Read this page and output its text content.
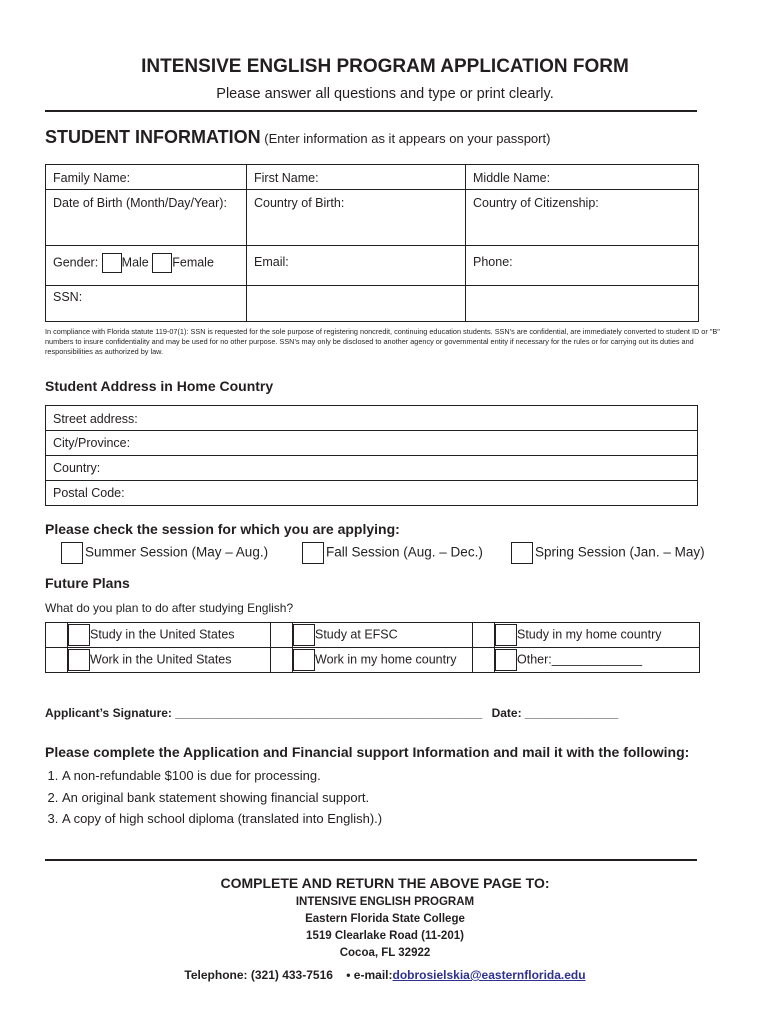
INTENSIVE ENGLISH PROGRAM APPLICATION FORM
Please answer all questions and type or print clearly.
STUDENT INFORMATION (Enter information as it appears on your passport)
Family Name:	First Name:	Middle Name:
Date of Birth (Month/Day/Year):	Country of Birth:	Country of Citizenship:
Gender: Male Female	Email:	Phone:
SSN:		
In compliance with Florida statute 119-07(1): SSN is requested for the sole purpose of registering noncredit, continuing education students. SSN's are confidential, are immediately converted to student ID or "B" numbers to insure confidentiality and may be used for no other purpose. SSN's may only be disclosed to another agency or governmental entity if necessary for the rules or for carrying out its duties and responsibilities as authorized by law.
Student Address in Home Country
Street address:
City/Province:
Country:
Postal Code:
Please check the session for which you are applying:
Summer Session (May – Aug.)	Fall Session (Aug. – Dec.)	Spring Session (Jan. – May)
Future Plans
What do you plan to do after studying English?
	Study in the United States		Study at EFSC		Study in my home country
	Work in the United States		Work in my home country		Other:_____________
Applicant’s Signature: ______________________________________________ Date: ______________
Please complete the Application and Financial support Information and mail it with the following:
1. A non-refundable $100 is due for processing.
2. An original bank statement showing financial support.
3. A copy of high school diploma (translated into English).)
COMPLETE AND RETURN THE ABOVE PAGE TO:
INTENSIVE ENGLISH PROGRAM
Eastern Florida State College
1519 Clearlake Road (11-201)
Cocoa, FL 32922
Telephone: (321) 433-7516 • e-mail:dobrosielskia@easternflorida.edu
